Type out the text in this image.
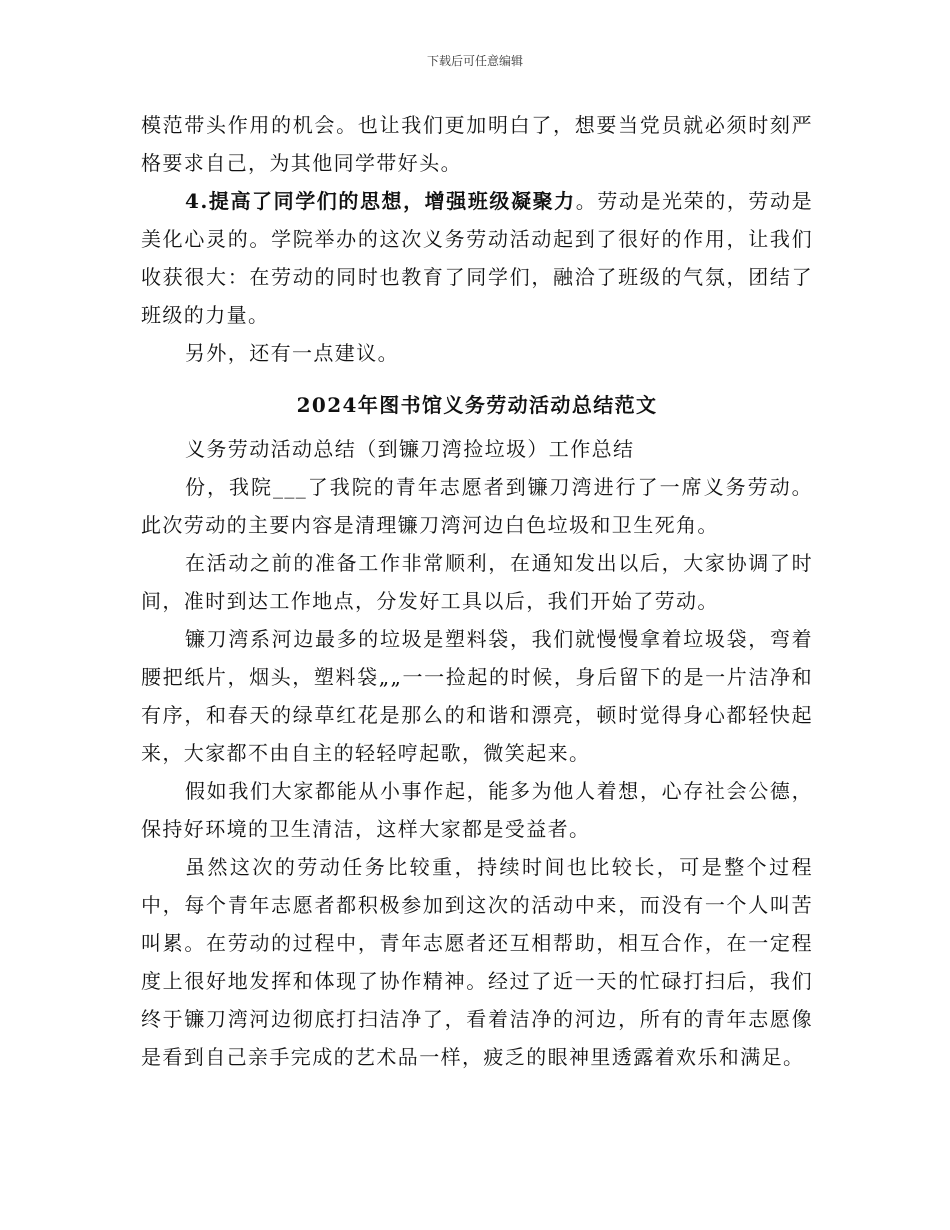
下载后可任意编辑

模范带头作用的机会。也让我们更加明白了，想要当党员就必须时刻严格要求自己，为其他同学带好头。

4.提高了同学们的思想，增强班级凝聚力。劳动是光荣的，劳动是美化心灵的。学院举办的这次义务劳动活动起到了很好的作用，让我们收获很大：在劳动的同时也教育了同学们，融洽了班级的气氛，团结了班级的力量。

另外，还有一点建议。

2024年图书馆义务劳动活动总结范文

义务劳动活动总结（到镰刀湾捡垃圾）工作总结

份，我院___了我院的青年志愿者到镰刀湾进行了一席义务劳动。此次劳动的主要内容是清理镰刀湾河边白色垃圾和卫生死角。

在活动之前的准备工作非常顺利，在通知发出以后，大家协调了时间，准时到达工作地点，分发好工具以后，我们开始了劳动。

镰刀湾系河边最多的垃圾是塑料袋，我们就慢慢拿着垃圾袋，弯着腰把纸片，烟头，塑料袋„„一一捡起的时候，身后留下的是一片洁净和有序，和春天的绿草红花是那么的和谐和漂亮，顿时觉得身心都轻快起来，大家都不由自主的轻轻哼起歌，微笑起来。

假如我们大家都能从小事作起，能多为他人着想，心存社会公德，保持好环境的卫生清洁，这样大家都是受益者。

虽然这次的劳动任务比较重，持续时间也比较长，可是整个过程中，每个青年志愿者都积极参加到这次的活动中来，而没有一个人叫苦叫累。在劳动的过程中，青年志愿者还互相帮助，相互合作，在一定程度上很好地发挥和体现了协作精神。经过了近一天的忙碌打扫后，我们终于镰刀湾河边彻底打扫洁净了，看着洁净的河边，所有的青年志愿像是看到自己亲手完成的艺术品一样，疲乏的眼神里透露着欢乐和满足。
